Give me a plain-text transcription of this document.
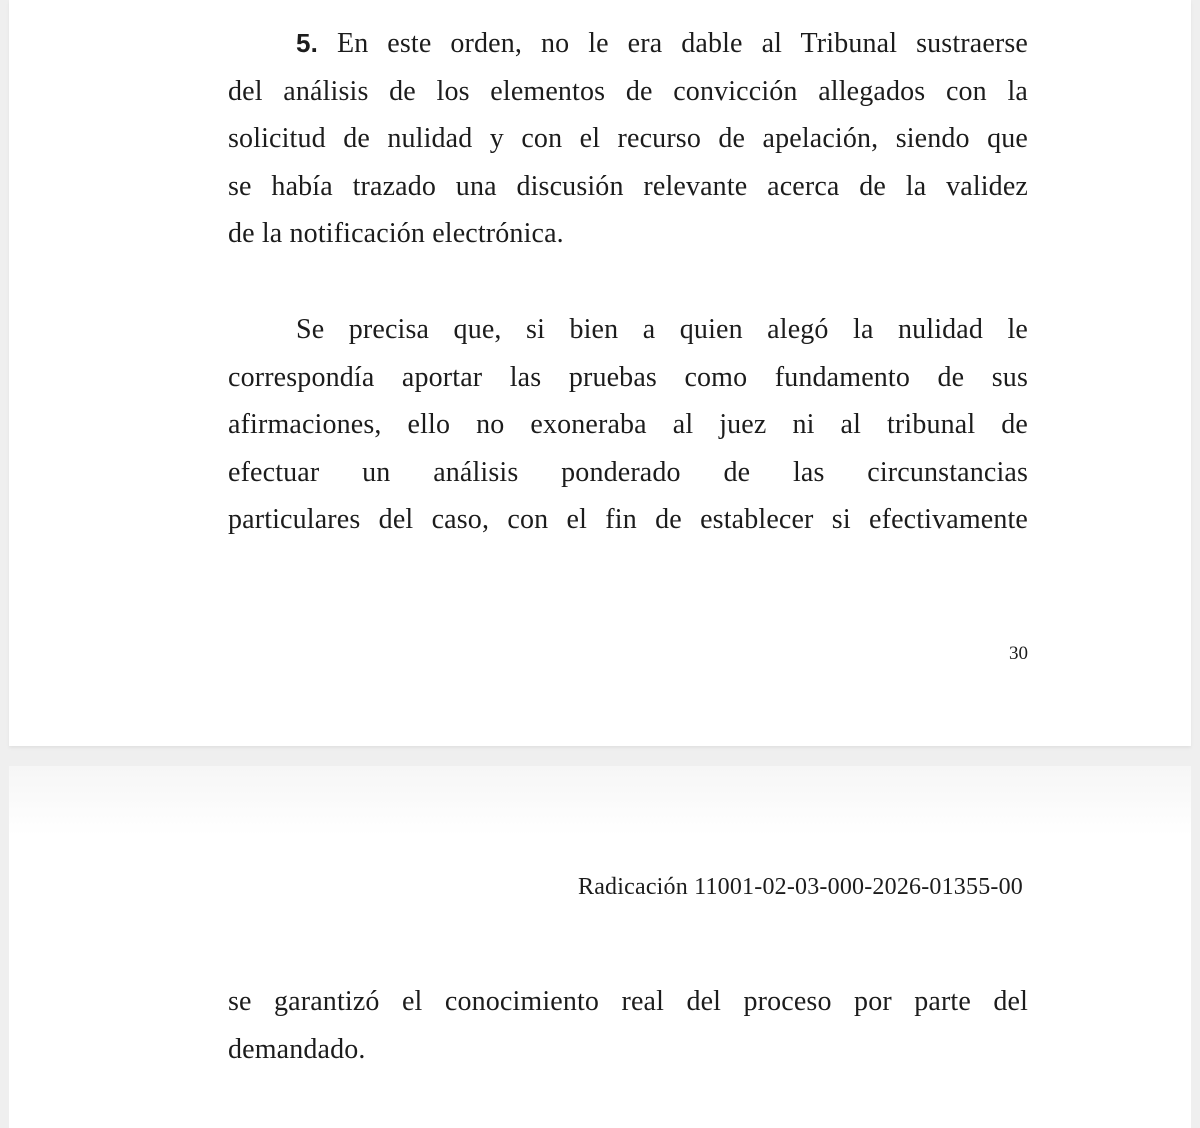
5. En este orden, no le era dable al Tribunal sustraerse
del análisis de los elementos de convicción allegados con la
solicitud de nulidad y con el recurso de apelación, siendo que
se había trazado una discusión relevante acerca de la validez
de la notificación electrónica.
Se precisa que, si bien a quien alegó la nulidad le
correspondía aportar las pruebas como fundamento de sus
afirmaciones, ello no exoneraba al juez ni al tribunal de
efectuar un análisis ponderado de las circunstancias
particulares del caso, con el fin de establecer si efectivamente
30
Radicación 11001-02-03-000-2026-01355-00
se garantizó el conocimiento real del proceso por parte del
demandado.
